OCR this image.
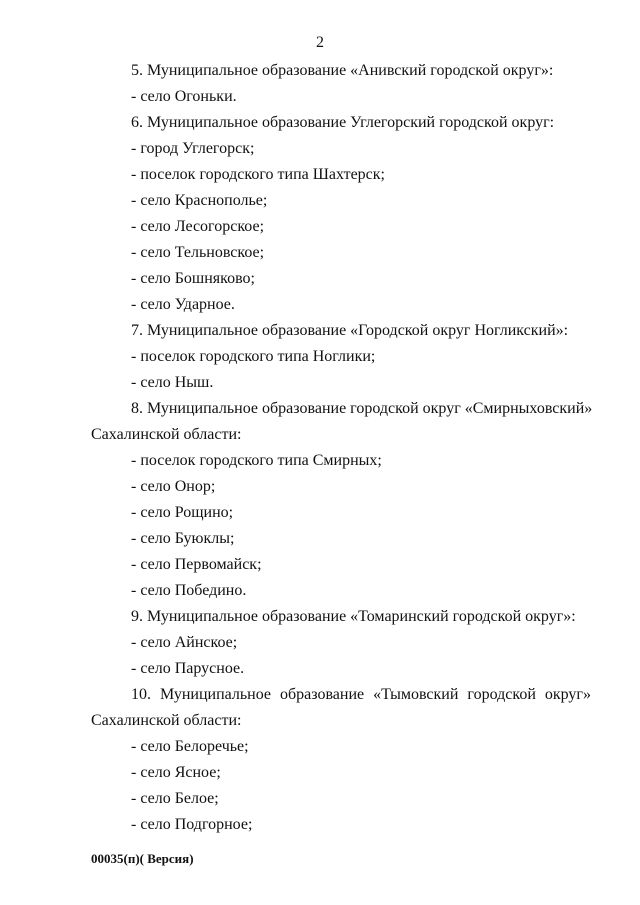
2
5. Муниципальное образование «Анивский городской округ»:
- село Огоньки.
6. Муниципальное образование Углегорский городской округ:
- город Углегорск;
- поселок городского типа Шахтерск;
- село Краснополье;
- село Лесогорское;
- село Тельновское;
- село Бошняково;
- село Ударное.
7. Муниципальное образование «Городской округ Ногликский»:
- поселок городского типа Ноглики;
- село Ныш.
8. Муниципальное образование городской округ «Смирныховский»
Сахалинской области:
- поселок городского типа Смирных;
- село Онор;
- село Рощино;
- село Буюклы;
- село Первомайск;
- село Победино.
9. Муниципальное образование «Томаринский городской округ»:
- село Айнское;
- село Парусное.
10. Муниципальное образование «Тымовский городской округ»
Сахалинской области:
- село Белоречье;
- село Ясное;
- село Белое;
- село Подгорное;
00035(п)( Версия)
